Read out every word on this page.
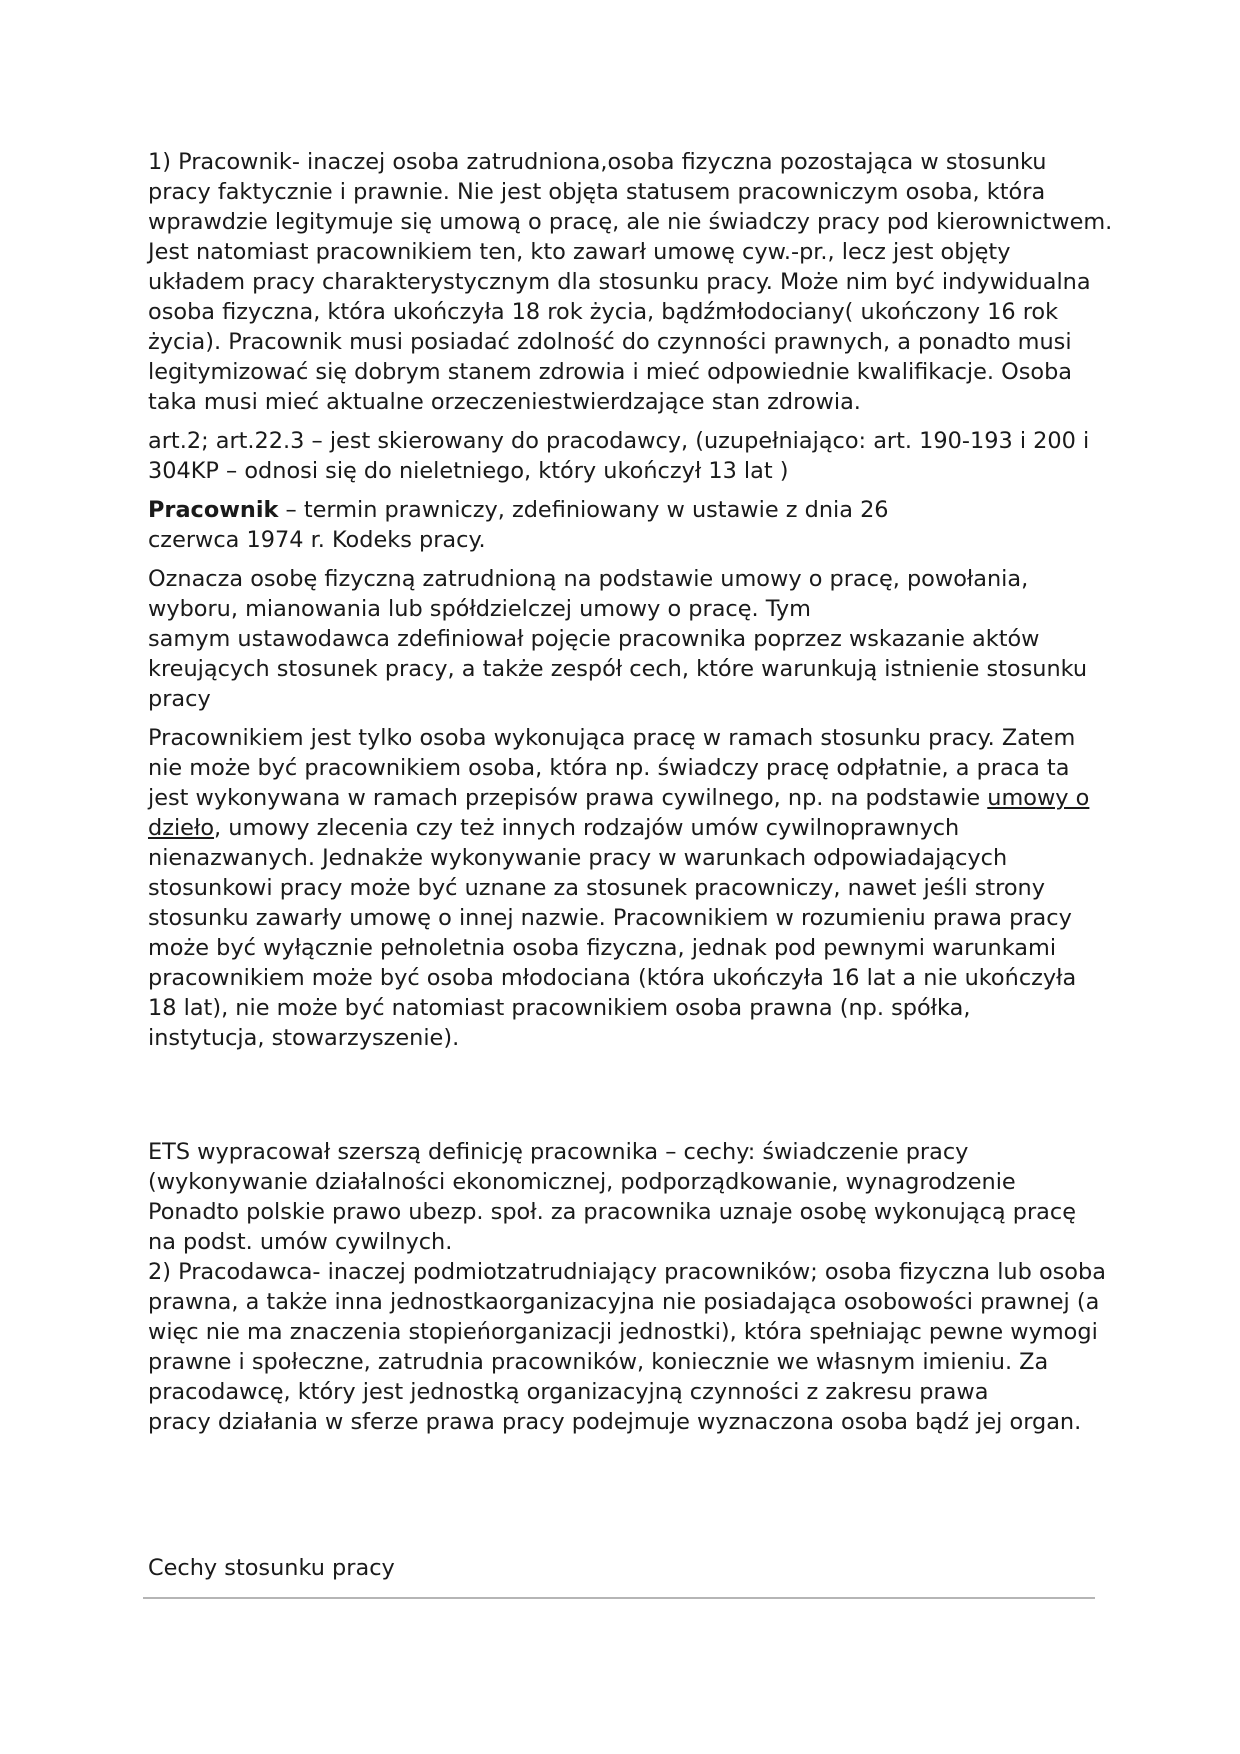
1) Pracownik- inaczej osoba zatrudniona,osoba fizyczna pozostająca w stosunku
pracy faktycznie i prawnie. Nie jest objęta statusem pracowniczym osoba, która
wprawdzie legitymuje się umową o pracę, ale nie świadczy pracy pod kierownictwem.
Jest natomiast pracownikiem ten, kto zawarł umowę cyw.-pr., lecz jest objęty
układem pracy charakterystycznym dla stosunku pracy. Może nim być indywidualna
osoba fizyczna, która ukończyła 18 rok życia, bądźmłodociany( ukończony 16 rok
życia). Pracownik musi posiadać zdolność do czynności prawnych, a ponadto musi
legitymizować się dobrym stanem zdrowia i mieć odpowiednie kwalifikacje. Osoba
taka musi mieć aktualne orzeczeniestwierdzające stan zdrowia.
art.2; art.22.3 – jest skierowany do pracodawcy, (uzupełniająco: art. 190-193 i 200 i
304KP – odnosi się do nieletniego, który ukończył 13 lat )
Pracownik – termin prawniczy, zdefiniowany w ustawie z dnia 26
czerwca 1974 r. Kodeks pracy.
Oznacza osobę fizyczną zatrudnioną na podstawie umowy o pracę, powołania,
wyboru, mianowania lub spółdzielczej umowy o pracę. Tym
samym ustawodawca zdefiniował pojęcie pracownika poprzez wskazanie aktów
kreujących stosunek pracy, a także zespół cech, które warunkują istnienie stosunku
pracy
Pracownikiem jest tylko osoba wykonująca pracę w ramach stosunku pracy. Zatem
nie może być pracownikiem osoba, która np. świadczy pracę odpłatnie, a praca ta
jest wykonywana w ramach przepisów prawa cywilnego, np. na podstawie umowy o
dzieło, umowy zlecenia czy też innych rodzajów umów cywilnoprawnych
nienazwanych. Jednakże wykonywanie pracy w warunkach odpowiadających
stosunkowi pracy może być uznane za stosunek pracowniczy, nawet jeśli strony
stosunku zawarły umowę o innej nazwie. Pracownikiem w rozumieniu prawa pracy
może być wyłącznie pełnoletnia osoba fizyczna, jednak pod pewnymi warunkami
pracownikiem może być osoba młodociana (która ukończyła 16 lat a nie ukończyła
18 lat), nie może być natomiast pracownikiem osoba prawna (np. spółka,
instytucja, stowarzyszenie).
ETS wypracował szerszą definicję pracownika – cechy: świadczenie pracy
(wykonywanie działalności ekonomicznej, podporządkowanie, wynagrodzenie
Ponadto polskie prawo ubezp. społ. za pracownika uznaje osobę wykonującą pracę
na podst. umów cywilnych.
2) Pracodawca- inaczej podmiotzatrudniający pracowników; osoba fizyczna lub osoba
prawna, a także inna jednostkaorganizacyjna nie posiadająca osobowości prawnej (a
więc nie ma znaczenia stopieńorganizacji jednostki), która spełniając pewne wymogi
prawne i społeczne, zatrudnia pracowników, koniecznie we własnym imieniu. Za
pracodawcę, który jest jednostką organizacyjną czynności z zakresu prawa
pracy działania w sferze prawa pracy podejmuje wyznaczona osoba bądź jej organ.
Cechy stosunku pracy
